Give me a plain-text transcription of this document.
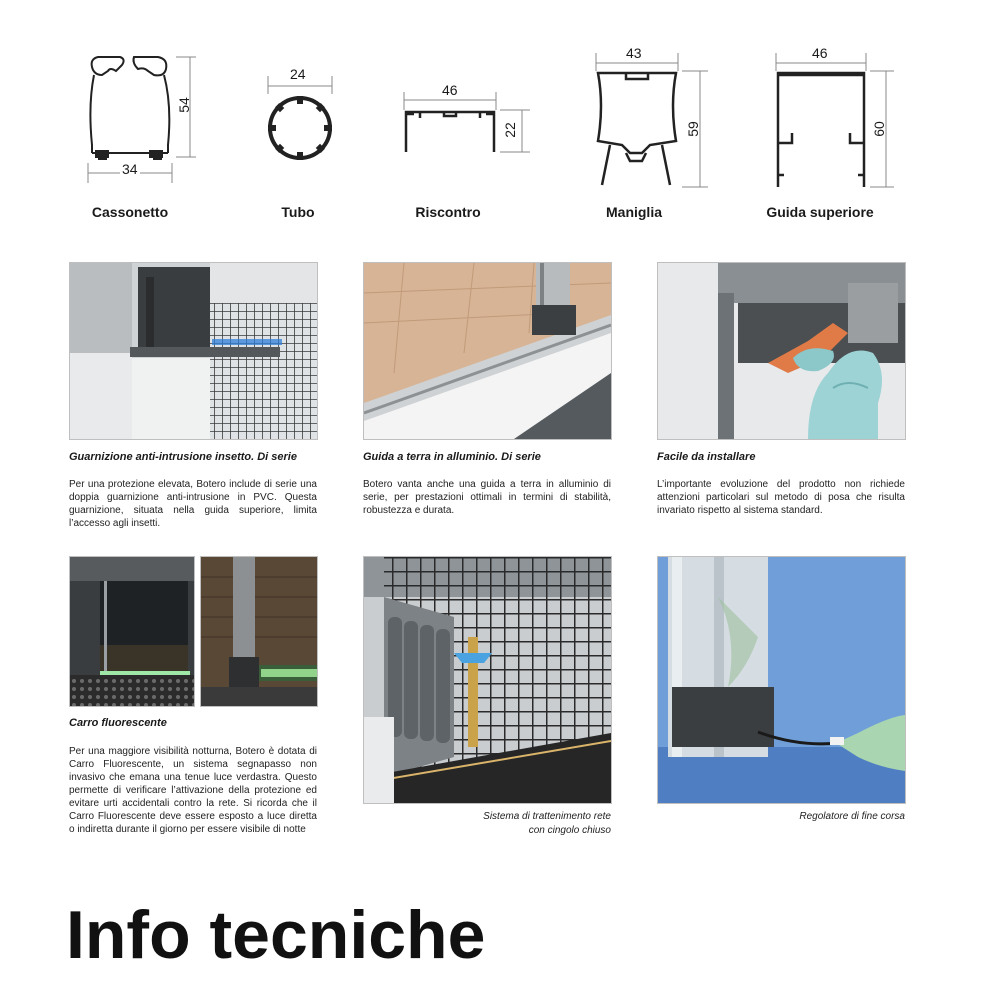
54
34
Cassonetto
24
Tubo
46
22
Riscontro
43
59
Maniglia
46
60
Guida superiore
Guarnizione anti-intrusione insetto. Di serie
Per una protezione elevata, Botero include di serie una doppia guarnizione anti-intrusione in PVC. Questa guarnizione, situata nella guida superiore, limita l’accesso agli insetti.
Guida a terra in alluminio. Di serie
Botero vanta anche una guida a terra in alluminio di serie, per prestazioni ottimali in termini di stabilità, robustezza e durata.
Facile da installare
L’importante evoluzione del prodotto non richiede attenzioni particolari sul metodo di posa che risulta invariato rispetto al sistema standard.
Carro fluorescente
Per una maggiore visibilità notturna, Botero è dotata di Carro Fluorescente, un sistema segnapasso non invasivo che emana una tenue luce verdastra. Questo permette di verificare l’attivazione della protezione ed evitare urti accidentali contro la rete. Si ricorda che il Carro Fluorescente deve essere esposto a luce diretta o indiretta durante il giorno per essere visibile di notte
Sistema di trattenimento rete
con cingolo chiuso
Regolatore di fine corsa
Info tecniche
